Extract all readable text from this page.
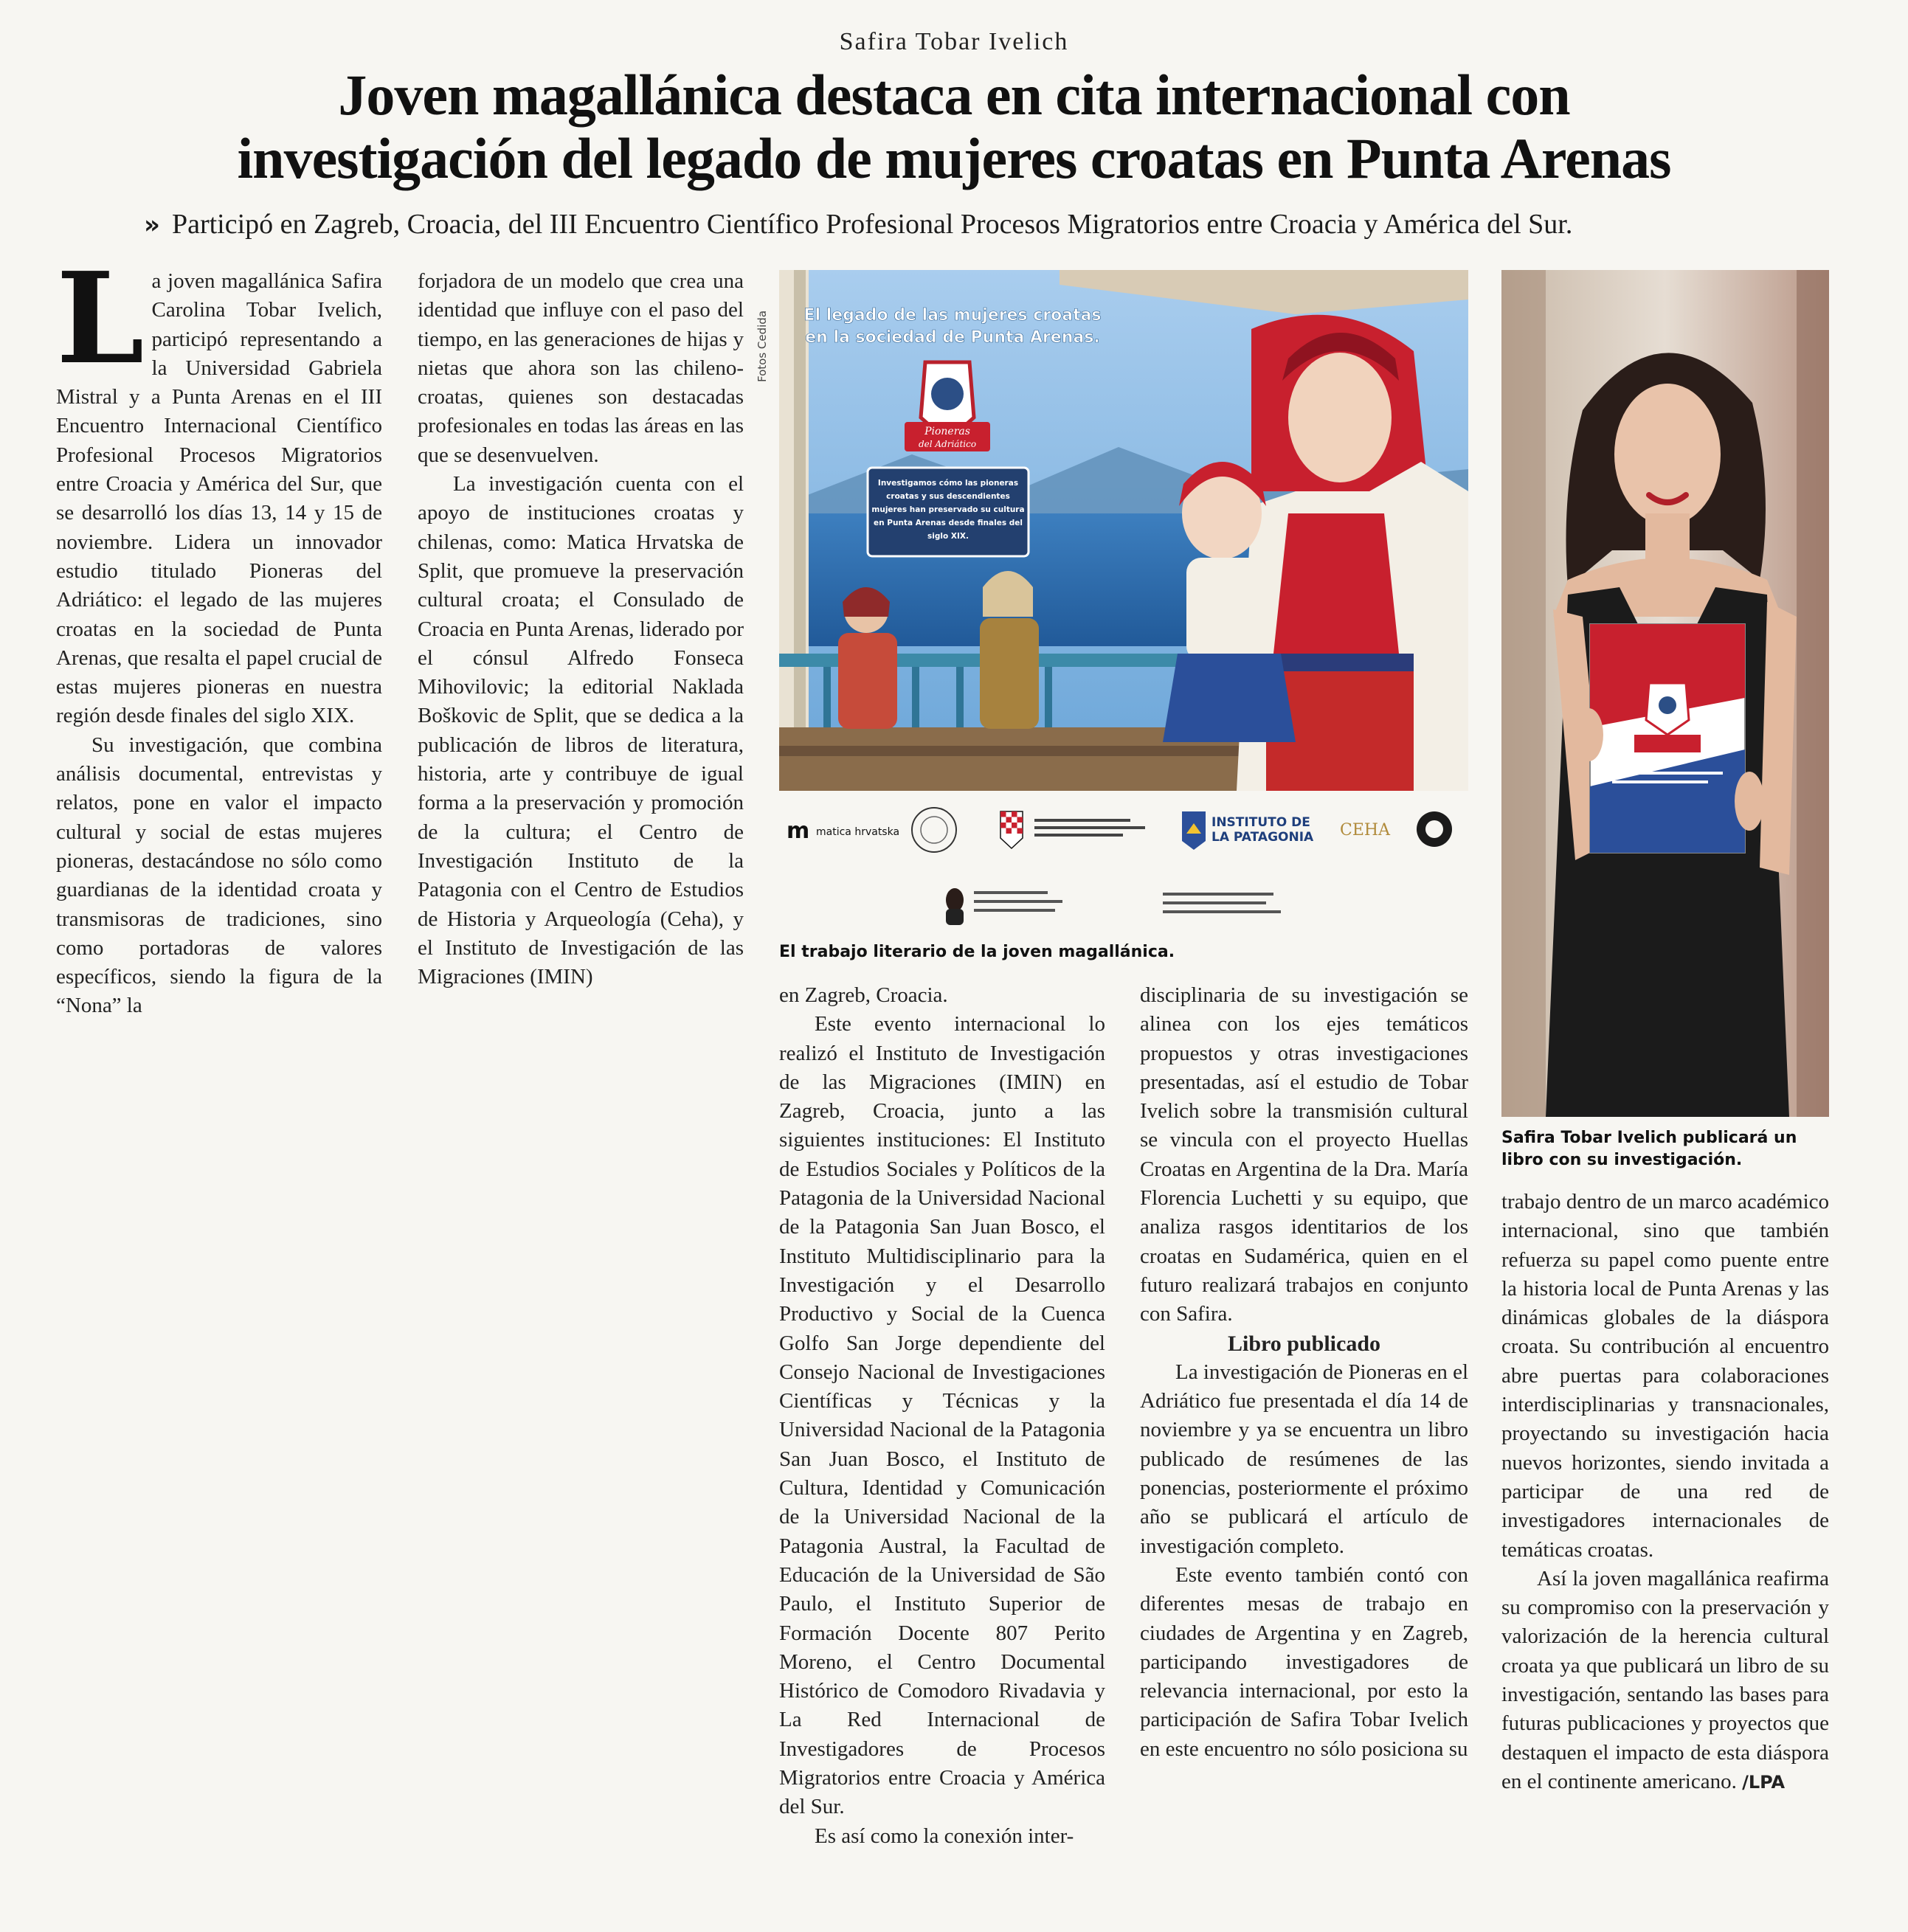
Safira Tobar Ivelich
Joven magallánica destaca en cita internacional con
investigación del legado de mujeres croatas en Punta Arenas
» Participó en Zagreb, Croacia, del III Encuentro Científico Profesional Procesos Migratorios entre Croacia y América del Sur.

La joven magallánica Safira Carolina Tobar Ivelich, participó representando a la Universidad Gabriela Mistral y a Punta Arenas en el III Encuentro Internacional Científico Profesional Procesos Migratorios entre Croacia y América del Sur, que se desarrolló los días 13, 14 y 15 de noviembre. Lidera un innovador estudio titulado Pioneras del Adriático: el legado de las mujeres croatas en la sociedad de Punta Arenas, que resalta el papel crucial de estas mujeres pioneras en nuestra región desde finales del siglo XIX.

Su investigación, que combina análisis documental, entrevistas y relatos, pone en valor el impacto cultural y social de estas mujeres pioneras, destacándose no sólo como guardianas de la identidad croata y transmisoras de tradiciones, sino como portadoras de valores específicos, siendo la figura de la “Nona” la

forjadora de un modelo que crea una identidad que influye con el paso del tiempo, en las generaciones de hijas y nietas que ahora son las chileno-croatas, quienes son destacadas profesionales en todas las áreas en las que se desenvuelven.

La investigación cuenta con el apoyo de instituciones croatas y chilenas, como: Matica Hrvatska de Split, que promueve la preservación cultural croata; el Consulado de Croacia en Punta Arenas, liderado por el cónsul Alfredo Fonseca Mihovilovic; la editorial Naklada Boškovic de Split, que se dedica a la publicación de libros de literatura, historia, arte y contribuye de igual forma a la preservación y promoción de la cultura; el Centro de Investigación Instituto de la Patagonia con el Centro de Estudios de Historia y Arqueología (Ceha), y el Instituto de Investigación de las Migraciones (IMIN)

Fotos Cedida El legado de las mujeres croatas
en la sociedad de Punta Arenas.
Pioneras
del Adriático
Investigamos cómo las pioneras
croatas y sus descendientes
mujeres han preservado su cultura
en Punta Arenas desde finales del
siglo XIX.
m matica hrvatska
INSTITUTO DE
LA PATAGONIA CEHA
El trabajo literario de la joven magallánica.
Safira Tobar Ivelich publicará un libro con su investigación.

en Zagreb, Croacia.

Este evento internacional lo realizó el Instituto de Investigación de las Migraciones (IMIN) en Zagreb, Croacia, junto a las siguientes instituciones: El Instituto de Estudios Sociales y Políticos de la Patagonia de la Universidad Nacional de la Patagonia San Juan Bosco, el Instituto Multidisciplinario para la Investigación y el Desarrollo Productivo y Social de la Cuenca Golfo San Jorge dependiente del Consejo Nacional de Investigaciones Científicas y Técnicas y la Universidad Nacional de la Patagonia San Juan Bosco, el Instituto de Cultura, Identidad y Comunicación de la Universidad Nacional de la Patagonia Austral, la Facultad de Educación de la Universidad de São Paulo, el Instituto Superior de Formación Docente 807 Perito Moreno, el Centro Documental Histórico de Comodoro Rivadavia y La Red Internacional de Investigadores de Procesos Migratorios entre Croacia y América del Sur.

Es así como la conexión inter-

disciplinaria de su investigación se alinea con los ejes temáticos propuestos y otras investigaciones presentadas, así el estudio de Tobar Ivelich sobre la transmisión cultural se vincula con el proyecto Huellas Croatas en Argentina de la Dra. María Florencia Luchetti y su equipo, que analiza rasgos identitarios de los croatas en Sudamérica, quien en el futuro realizará trabajos en conjunto con Safira.

Libro publicado

La investigación de Pioneras en el Adriático fue presentada el día 14 de noviembre y ya se encuentra un libro publicado de resúmenes de las ponencias, posteriormente el próximo año se publicará el artículo de investigación completo.

Este evento también contó con diferentes mesas de trabajo en ciudades de Argentina y en Zagreb, participando investigadores de relevancia internacional, por esto la participación de Safira Tobar Ivelich en este encuentro no sólo posiciona su

trabajo dentro de un marco académico internacional, sino que también refuerza su papel como puente entre la historia local de Punta Arenas y las dinámicas globales de la diáspora croata. Su contribución al encuentro abre puertas para colaboraciones interdisciplinarias y transnacionales, proyectando su investigación hacia nuevos horizontes, siendo invitada a participar de una red de investigadores internacionales de temáticas croatas.

Así la joven magallánica reafirma su compromiso con la preservación y valorización de la herencia cultural croata ya que publicará un libro de su investigación, sentando las bases para futuras publicaciones y proyectos que destaquen el impacto de esta diáspora en el continente americano. /LPA
